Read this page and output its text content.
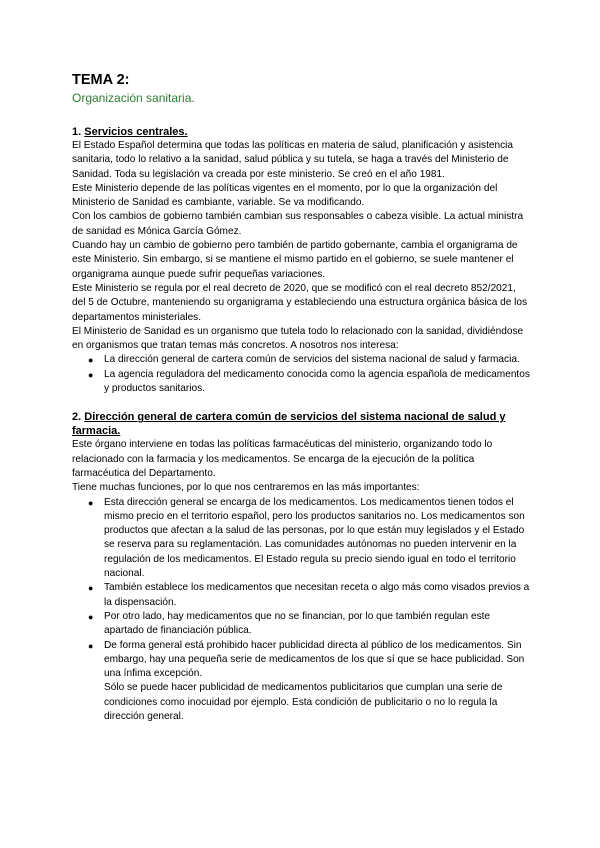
TEMA 2:
Organización sanitaria.
1. Servicios centrales.

El Estado Español determina que todas las políticas en materia de salud, planificación y asistencia sanitaria, todo lo relativo a la sanidad, salud pública y su tutela, se haga a través del Ministerio de Sanidad. Toda su legislación va creada por este ministerio. Se creó en el año 1981.

Este Ministerio depende de las políticas vigentes en el momento, por lo que la organización del Ministerio de Sanidad es cambiante, variable. Se va modificando.

Con los cambios de gobierno también cambian sus responsables o cabeza visible. La actual ministra de sanidad es Mónica García Gómez.

Cuando hay un cambio de gobierno pero también de partido gobernante, cambia el organigrama de este Ministerio. Sin embargo, si se mantiene el mismo partido en el gobierno, se suele mantener el organigrama aunque puede sufrir pequeñas variaciones.

Este Ministerio se regula por el real decreto de 2020, que se modificó con el real decreto 852/2021, del 5 de Octubre, manteniendo su organigrama y estableciendo una estructura orgánica básica de los departamentos ministeriales.

El Ministerio de Sanidad es un organismo que tutela todo lo relacionado con la sanidad, dividiéndose en organismos que tratan temas más concretos. A nosotros nos interesa:

● La dirección general de cartera común de servicios del sistema nacional de salud y farmacia.
● La agencia reguladora del medicamento conocida como la agencia española de medicamentos y productos sanitarios.
2. Dirección general de cartera común de servicios del sistema nacional de salud y farmacia.

Este órgano interviene en todas las políticas farmacéuticas del ministerio, organizando todo lo relacionado con la farmacia y los medicamentos. Se encarga de la ejecución de la política farmacéutica del Departamento.

Tiene muchas funciones, por lo que nos centraremos en las más importantes:

● Esta dirección general se encarga de los medicamentos. Los medicamentos tienen todos el mismo precio en el territorio español, pero los productos sanitarios no. Los medicamentos son productos que afectan a la salud de las personas, por lo que están muy legislados y el Estado se reserva para su reglamentación. Las comunidades autónomas no pueden intervenir en la regulación de los medicamentos. El Estado regula su precio siendo igual en todo el territorio nacional.
● También establece los medicamentos que necesitan receta o algo más como visados previos a la dispensación.
● Por otro lado, hay medicamentos que no se financian, por lo que también regulan este apartado de financiación pública.
● De forma general está prohibido hacer publicidad directa al público de los medicamentos. Sin embargo, hay una pequeña serie de medicamentos de los que sí que se hace publicidad. Son una ínfima excepción.
Sólo se puede hacer publicidad de medicamentos publicitarios que cumplan una serie de condiciones como inocuidad por ejemplo. Esta condición de publicitario o no lo regula la dirección general.
